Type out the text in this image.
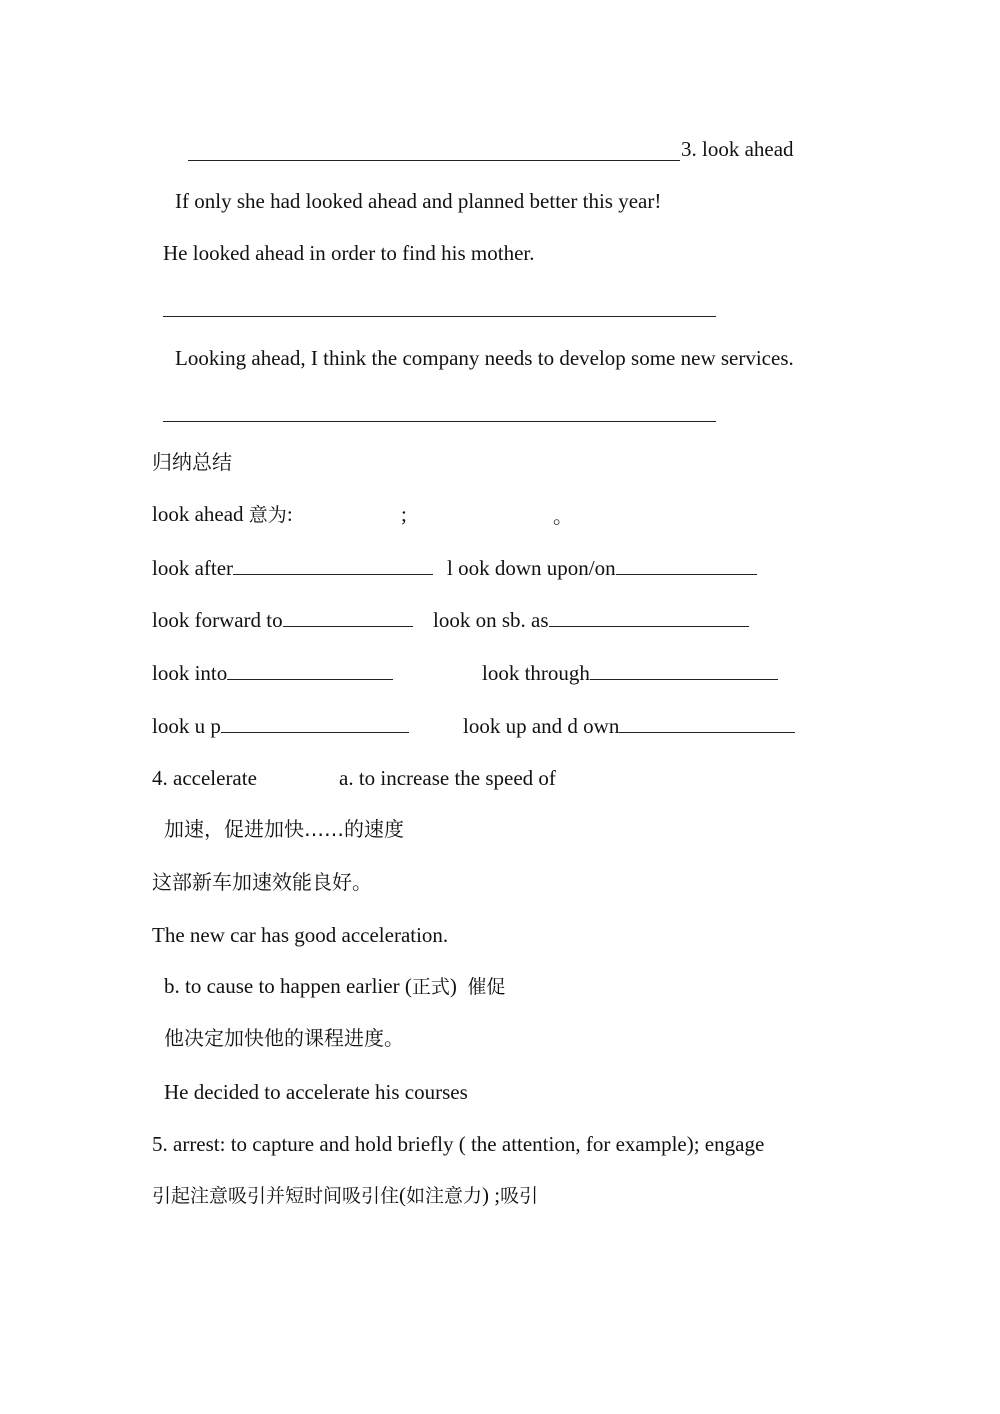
3. look ahead
If only she had looked ahead and planned better this year!
He looked ahead in order to find his mother.
Looking ahead, I think the company needs to develop some new services.
归纳总结
look ahead 意为:	;	。
look after	l ook down upon/on
look forward to	look on sb. as
look into	look through
look u p	look up and d own
4. accelerate	a. to increase the speed of
加速，促进加快……的速度
这部新车加速效能良好。
The new car has good acceleration.
b. to cause to happen earlier (正式) 催促
他决定加快他的课程进度。
He decided to accelerate his courses
5. arrest: to capture and hold briefly ( the attention, for example); engage
引起注意吸引并短时间吸引住(如注意力) ;吸引
